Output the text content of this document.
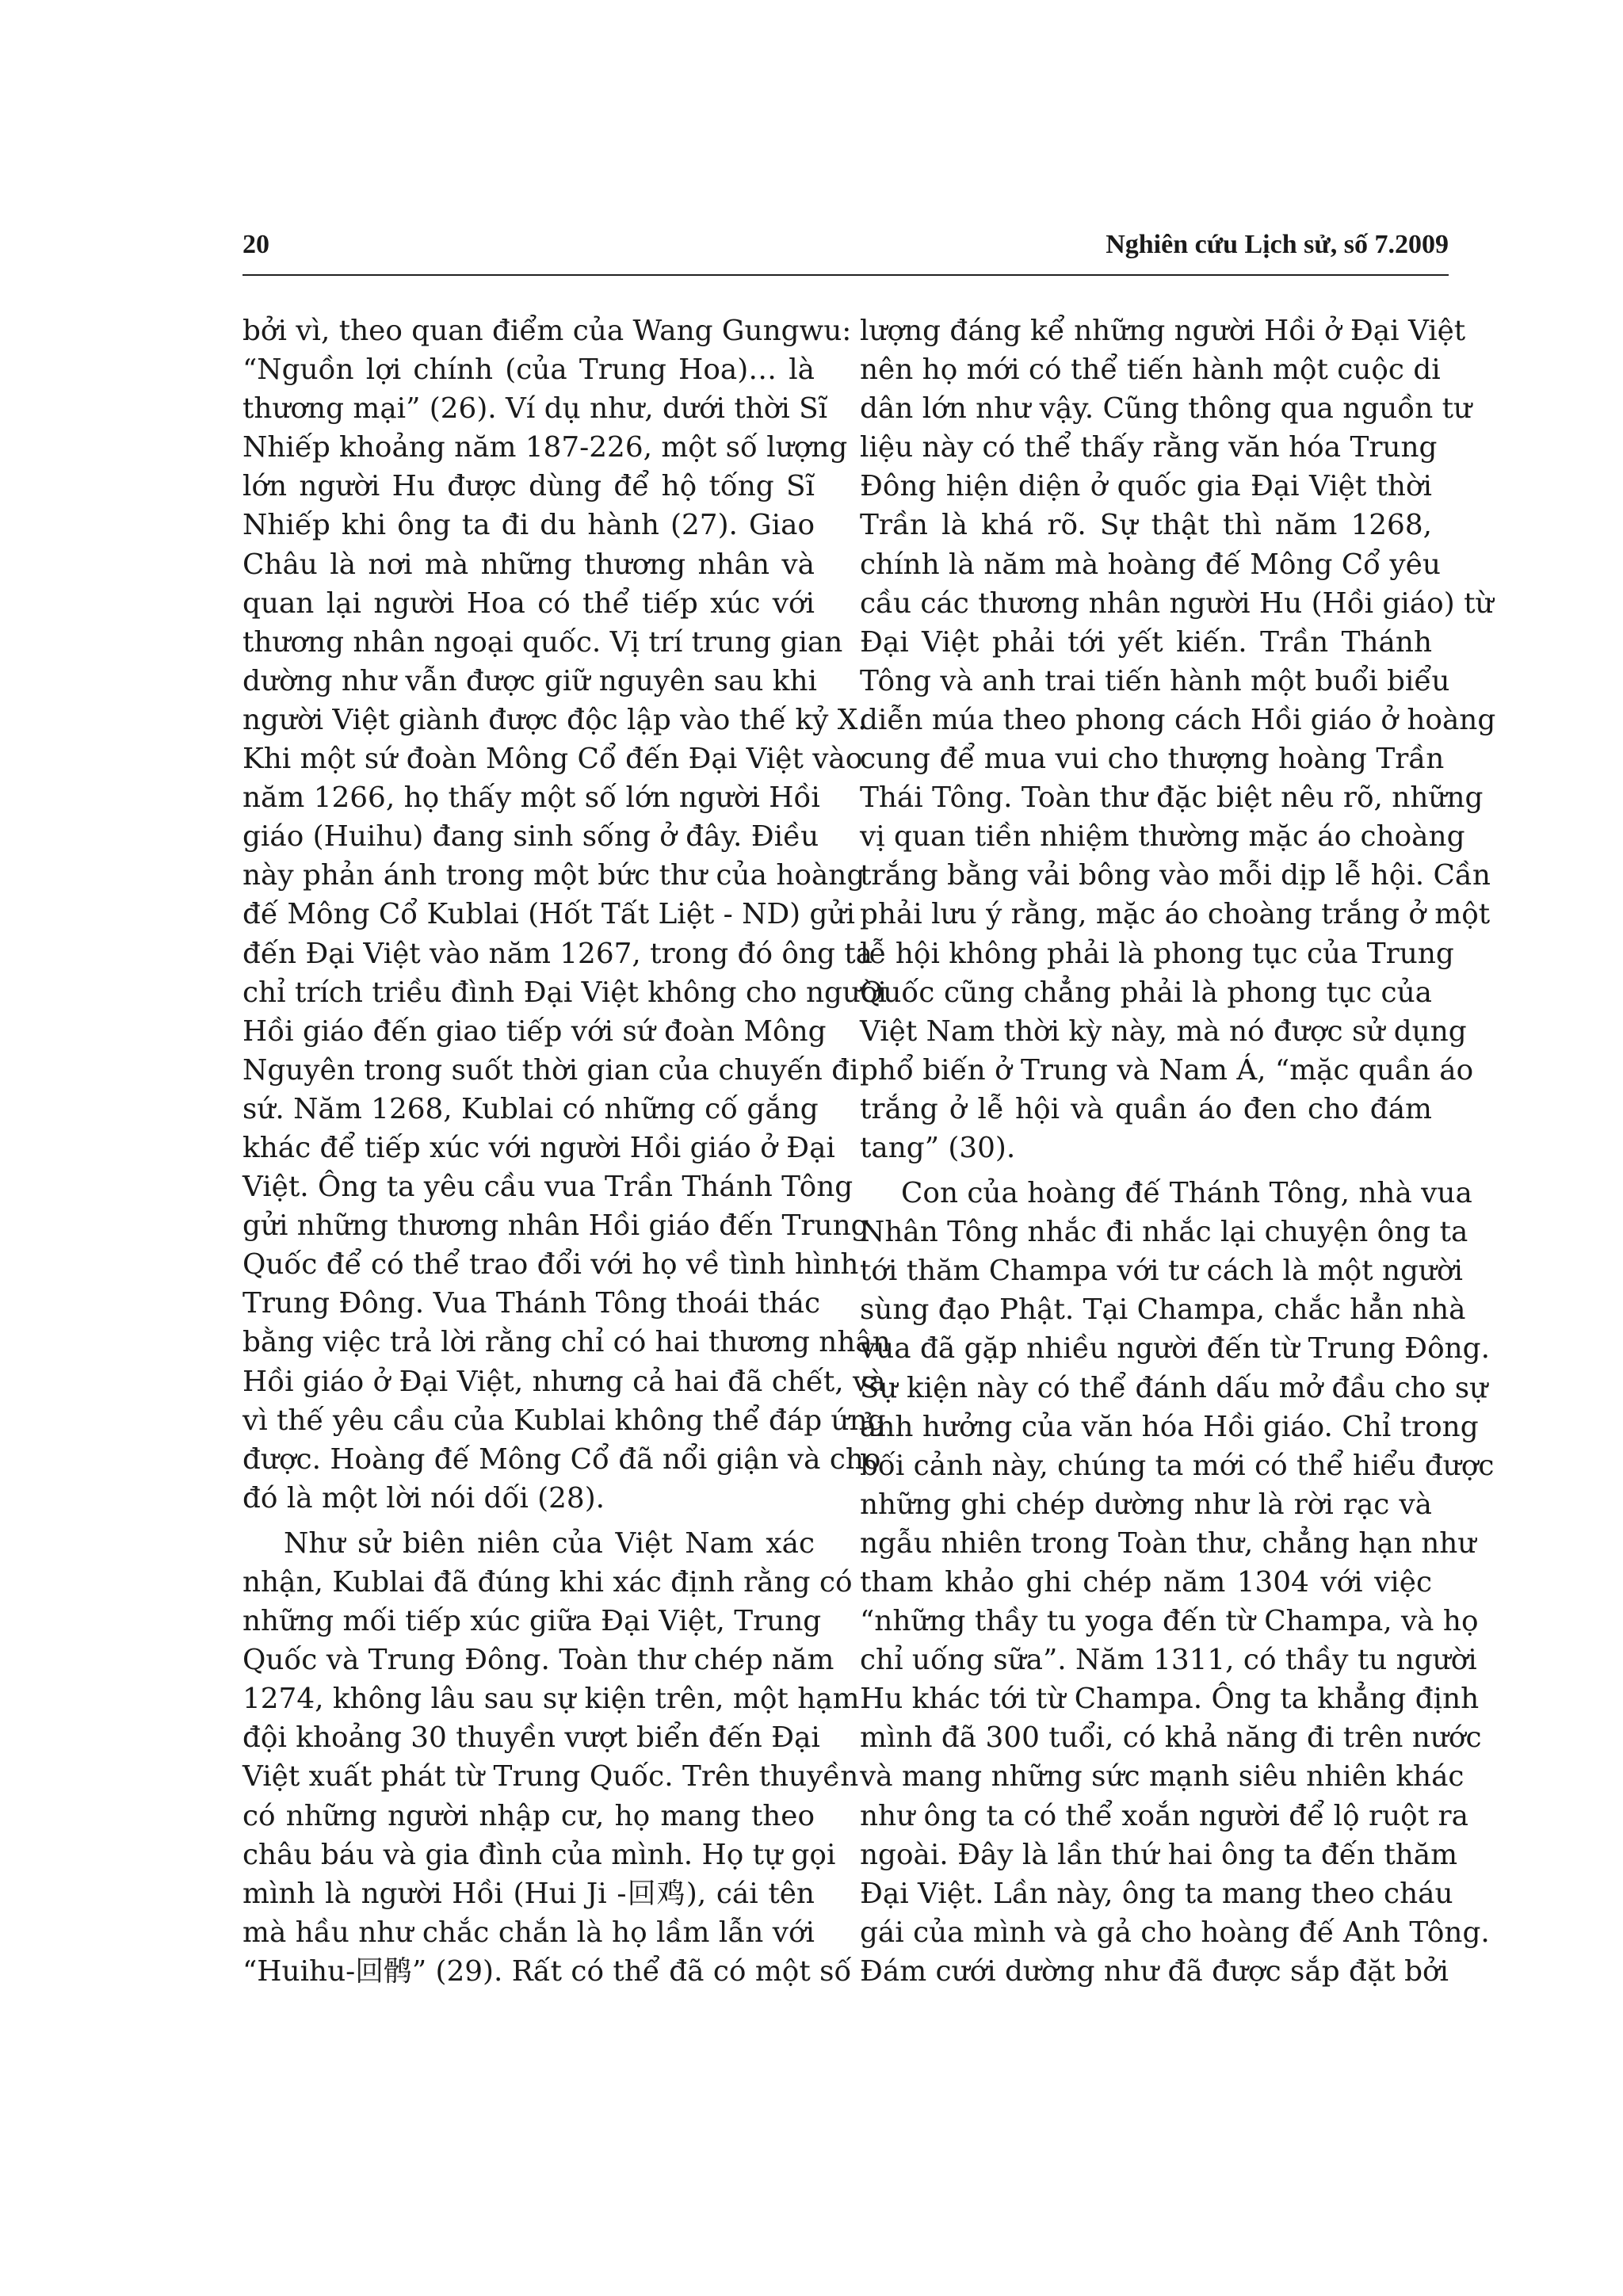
20	Nghiên cứu Lịch sử, số 7.2009
bởi vì, theo quan điểm của Wang Gungwu:
“Nguồn lợi chính (của Trung Hoa)… là
thương mại” (26). Ví dụ như, dưới thời Sĩ
Nhiếp khoảng năm 187-226, một số lượng
lớn người Hu được dùng để hộ tống Sĩ
Nhiếp khi ông ta đi du hành (27). Giao
Châu là nơi mà những thương nhân và
quan lại người Hoa có thể tiếp xúc với
thương nhân ngoại quốc. Vị trí trung gian
dường như vẫn được giữ nguyên sau khi
người Việt giành được độc lập vào thế kỷ X.
Khi một sứ đoàn Mông Cổ đến Đại Việt vào
năm 1266, họ thấy một số lớn người Hồi
giáo (Huihu) đang sinh sống ở đây. Điều
này phản ánh trong một bức thư của hoàng
đế Mông Cổ Kublai (Hốt Tất Liệt - ND) gửi
đến Đại Việt vào năm 1267, trong đó ông ta
chỉ trích triều đình Đại Việt không cho người
Hồi giáo đến giao tiếp với sứ đoàn Mông
Nguyên trong suốt thời gian của chuyến đi
sứ. Năm 1268, Kublai có những cố gắng
khác để tiếp xúc với người Hồi giáo ở Đại
Việt. Ông ta yêu cầu vua Trần Thánh Tông
gửi những thương nhân Hồi giáo đến Trung
Quốc để có thể trao đổi với họ về tình hình
Trung Đông. Vua Thánh Tông thoái thác
bằng việc trả lời rằng chỉ có hai thương nhân
Hồi giáo ở Đại Việt, nhưng cả hai đã chết, và
vì thế yêu cầu của Kublai không thể đáp ứng
được. Hoàng đế Mông Cổ đã nổi giận và cho
đó là một lời nói dối (28).
Như sử biên niên của Việt Nam xác
nhận, Kublai đã đúng khi xác định rằng có
những mối tiếp xúc giữa Đại Việt, Trung
Quốc và Trung Đông. Toàn thư chép năm
1274, không lâu sau sự kiện trên, một hạm
đội khoảng 30 thuyền vượt biển đến Đại
Việt xuất phát từ Trung Quốc. Trên thuyền
có những người nhập cư, họ mang theo
châu báu và gia đình của mình. Họ tự gọi
mình là người Hồi (Hui Ji -回鸡), cái tên
mà hầu như chắc chắn là họ lầm lẫn với
“Huihu-回鹘” (29). Rất có thể đã có một số
lượng đáng kể những người Hồi ở Đại Việt
nên họ mới có thể tiến hành một cuộc di
dân lớn như vậy. Cũng thông qua nguồn tư
liệu này có thể thấy rằng văn hóa Trung
Đông hiện diện ở quốc gia Đại Việt thời
Trần là khá rõ. Sự thật thì năm 1268,
chính là năm mà hoàng đế Mông Cổ yêu
cầu các thương nhân người Hu (Hồi giáo) từ
Đại Việt phải tới yết kiến. Trần Thánh
Tông và anh trai tiến hành một buổi biểu
diễn múa theo phong cách Hồi giáo ở hoàng
cung để mua vui cho thượng hoàng Trần
Thái Tông. Toàn thư đặc biệt nêu rõ, những
vị quan tiền nhiệm thường mặc áo choàng
trắng bằng vải bông vào mỗi dịp lễ hội. Cần
phải lưu ý rằng, mặc áo choàng trắng ở một
lễ hội không phải là phong tục của Trung
Quốc cũng chẳng phải là phong tục của
Việt Nam thời kỳ này, mà nó được sử dụng
phổ biến ở Trung và Nam Á, “mặc quần áo
trắng ở lễ hội và quần áo đen cho đám
tang” (30).
Con của hoàng đế Thánh Tông, nhà vua
Nhân Tông nhắc đi nhắc lại chuyện ông ta
tới thăm Champa với tư cách là một người
sùng đạo Phật. Tại Champa, chắc hẳn nhà
vua đã gặp nhiều người đến từ Trung Đông.
Sự kiện này có thể đánh dấu mở đầu cho sự
ảnh hưởng của văn hóa Hồi giáo. Chỉ trong
bối cảnh này, chúng ta mới có thể hiểu được
những ghi chép dường như là rời rạc và
ngẫu nhiên trong Toàn thư, chẳng hạn như
tham khảo ghi chép năm 1304 với việc
“những thầy tu yoga đến từ Champa, và họ
chỉ uống sữa”. Năm 1311, có thầy tu người
Hu khác tới từ Champa. Ông ta khẳng định
mình đã 300 tuổi, có khả năng đi trên nước
và mang những sức mạnh siêu nhiên khác
như ông ta có thể xoắn người để lộ ruột ra
ngoài. Đây là lần thứ hai ông ta đến thăm
Đại Việt. Lần này, ông ta mang theo cháu
gái của mình và gả cho hoàng đế Anh Tông.
Đám cưới dường như đã được sắp đặt bởi
